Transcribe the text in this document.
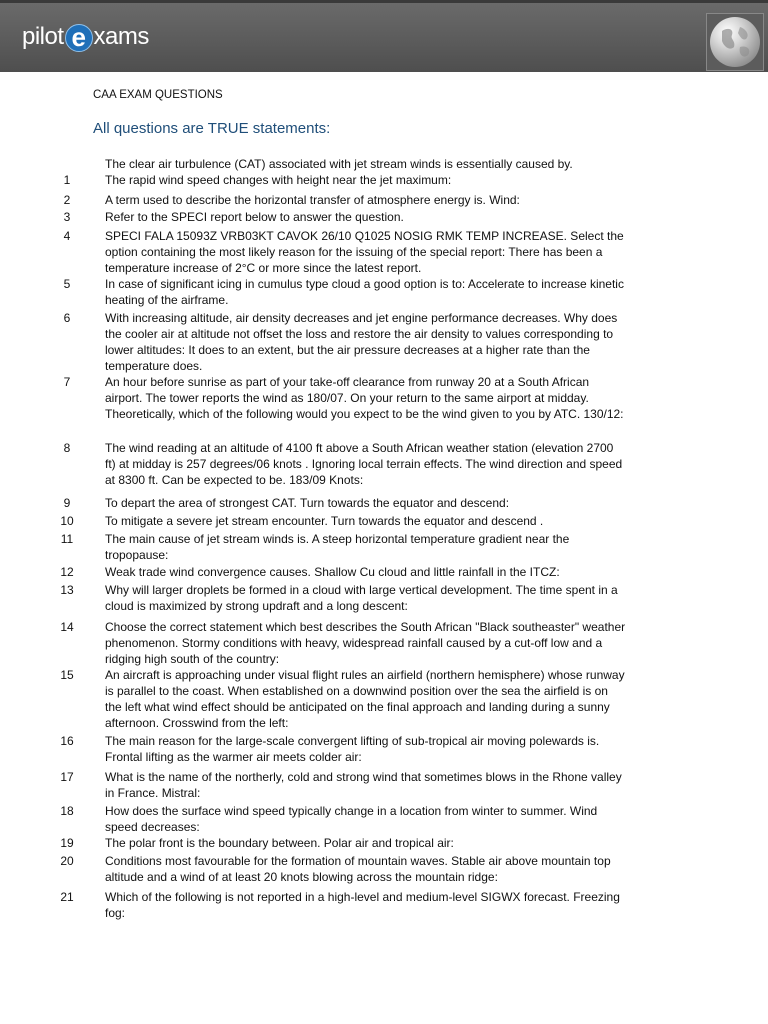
pilot e xams
CAA EXAM QUESTIONS
All questions are TRUE statements:
The clear air turbulence (CAT) associated with jet stream winds is essentially caused by.
1	The rapid wind speed changes with height near the jet maximum:
2	A term used to describe the horizontal transfer of atmosphere energy is. Wind:
3	Refer to the SPECI report below to answer the question.
4	SPECI FALA 15093Z VRB03KT CAVOK 26/10 Q1025 NOSIG RMK TEMP INCREASE. Select the option containing the most likely reason for the issuing of the special report: There has been a temperature increase of 2°C or more since the latest report.
5	In case of significant icing in cumulus type cloud a good option is to: Accelerate to increase kinetic heating of the airframe.
6	With increasing altitude, air density decreases and jet engine performance decreases. Why does the cooler air at altitude not offset the loss and restore the air density to values corresponding to lower altitudes: It does to an extent, but the air pressure decreases at a higher rate than the temperature does.
7	An hour before sunrise as part of your take-off clearance from runway 20 at a South African airport. The tower reports the wind as 180/07. On your return to the same airport at midday. Theoretically, which of the following would you expect to be the wind given to you by ATC. 130/12:
8	The wind reading at an altitude of 4100 ft above a South African weather station (elevation 2700 ft) at midday is 257 degrees/06 knots . Ignoring local terrain effects. The wind direction and speed at 8300 ft. Can be expected to be. 183/09 Knots:
9	To depart the area of strongest CAT. Turn towards the equator and descend:
10	To mitigate a severe jet stream encounter. Turn towards the equator and descend .
11	The main cause of jet stream winds is. A steep horizontal temperature gradient near the tropopause:
12	Weak trade wind convergence causes. Shallow Cu cloud and little rainfall in the ITCZ:
13	Why will larger droplets be formed in a cloud with large vertical development. The time spent in a cloud is maximized by strong updraft and a long descent:
14	Choose the correct statement which best describes the South African "Black southeaster" weather phenomenon. Stormy conditions with heavy, widespread rainfall caused by a cut-off low and a ridging high south of the country:
15	An aircraft is approaching under visual flight rules an airfield (northern hemisphere) whose runway is parallel to the coast. When established on a downwind position over the sea the airfield is on the left what wind effect should be anticipated on the final approach and landing during a sunny afternoon. Crosswind from the left:
16	The main reason for the large-scale convergent lifting of sub-tropical air moving polewards is. Frontal lifting as the warmer air meets colder air:
17	What is the name of the northerly, cold and strong wind that sometimes blows in the Rhone valley in France. Mistral:
18	How does the surface wind speed typically change in a location from winter to summer. Wind speed decreases:
19	The polar front is the boundary between. Polar air and tropical air:
20	Conditions most favourable for the formation of mountain waves. Stable air above mountain top altitude and a wind of at least 20 knots blowing across the mountain ridge:
21	Which of the following is not reported in a high-level and medium-level SIGWX forecast. Freezing fog:
